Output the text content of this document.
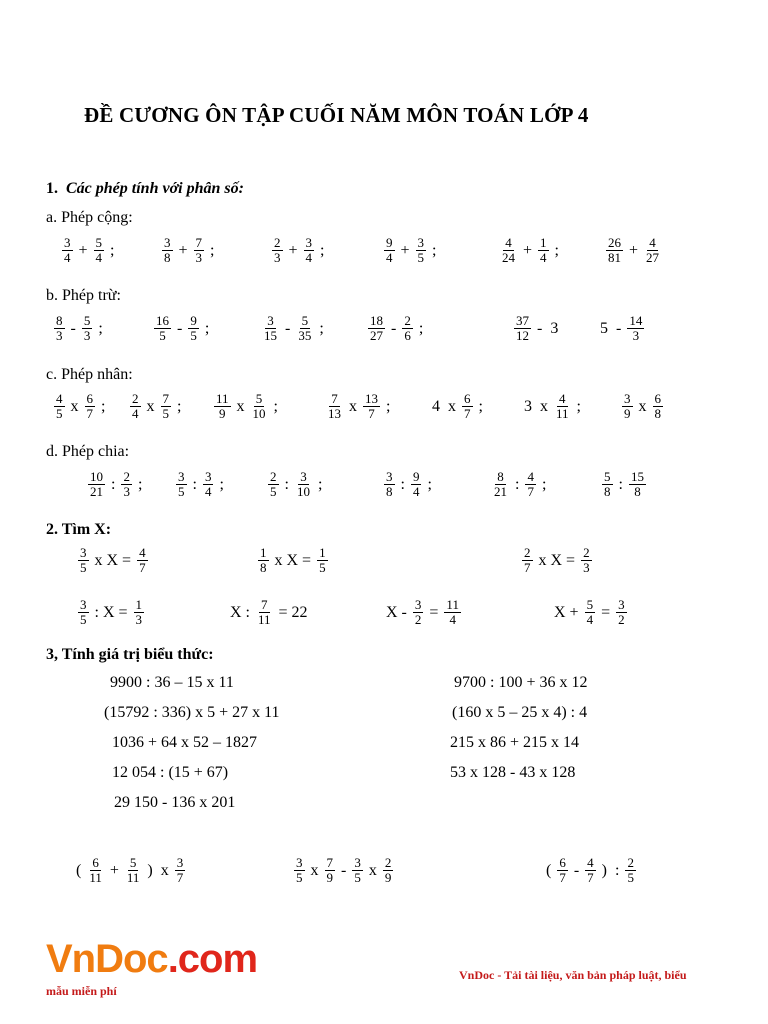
ĐỀ CƯƠNG ÔN TẬP CUỐI NĂM MÔN TOÁN LỚP 4
1. Các phép tính với phân số:
a. Phép cộng:
b. Phép trừ:
c. Phép nhân:
d. Phép chia:
2. Tìm X:
3, Tính giá trị biểu thức:
$\frac{3}{4} + \frac{5}{4}$ ;	$\frac{3}{8} + \frac{7}{3}$ ;	$\frac{2}{3} + \frac{3}{4}$ ;	$\frac{9}{4} + \frac{3}{5}$ ;	$\frac{4}{24} + \frac{1}{4}$ ;	$\frac{26}{81} + \frac{4}{27}$
$\frac{8}{3} - \frac{5}{3}$ ;	$\frac{16}{5} - \frac{9}{5}$ ;	$\frac{3}{15} - \frac{5}{35}$ ;	$\frac{18}{27} - \frac{2}{6}$ ;	$\frac{37}{12} - 3$	$5 - \frac{14}{3}$
$\frac{4}{5}$ x $\frac{6}{7}$ ; $\frac{2}{4}$ x $\frac{7}{5}$ ;	$\frac{11}{9}$ x $\frac{5}{10}$ ;	$\frac{7}{13}$ x $\frac{13}{7}$ ;	4 x $\frac{6}{7}$ ;	3 x $\frac{4}{11}$ ;	$\frac{3}{9}$ x $\frac{6}{8}$
$\frac{10}{21}$ : $\frac{2}{3}$ ;	$\frac{3}{5}$ : $\frac{3}{4}$ ;	$\frac{2}{5}$ : $\frac{3}{10}$ ;	$\frac{3}{8}$ : $\frac{9}{4}$ ;	$\frac{8}{21}$ : $\frac{4}{7}$ ;	$\frac{5}{8}$ : $\frac{15}{8}$
$\frac{3}{5}$ x $X = \frac{4}{7}$	$\frac{1}{8}$ x $X = \frac{1}{5}$	$\frac{2}{7}$ x $X = \frac{2}{3}$
$\frac{3}{5}$ : $X = \frac{1}{3}$	X : $\frac{7}{11} = 22$	$X - \frac{3}{2} = \frac{11}{4}$	$X + \frac{5}{4} = \frac{3}{2}$
9900 : 36 – 15 x 11
(15792 : 336) x 5 + 27 x 11
1036 + 64 x 52 – 1827
12 054 : (15 + 67)
29 150 - 136 x 201
9700 : 100 + 36 x 12
(160 x 5 – 25 x 4) : 4
215 x 86 + 215 x 14
53 x 128 - 43 x 128
( $\frac{6}{11} + \frac{5}{11}$ ) x $\frac{3}{7}$	$\frac{3}{5}$ x $\frac{7}{9} - \frac{3}{5}$ x $\frac{2}{9}$	( $\frac{6}{7} - \frac{4}{7}$ ) : $\frac{2}{5}$
VnDoc.com
mẫu miễn phí
VnDoc - Tải tài liệu, văn bản pháp luật, biểu
